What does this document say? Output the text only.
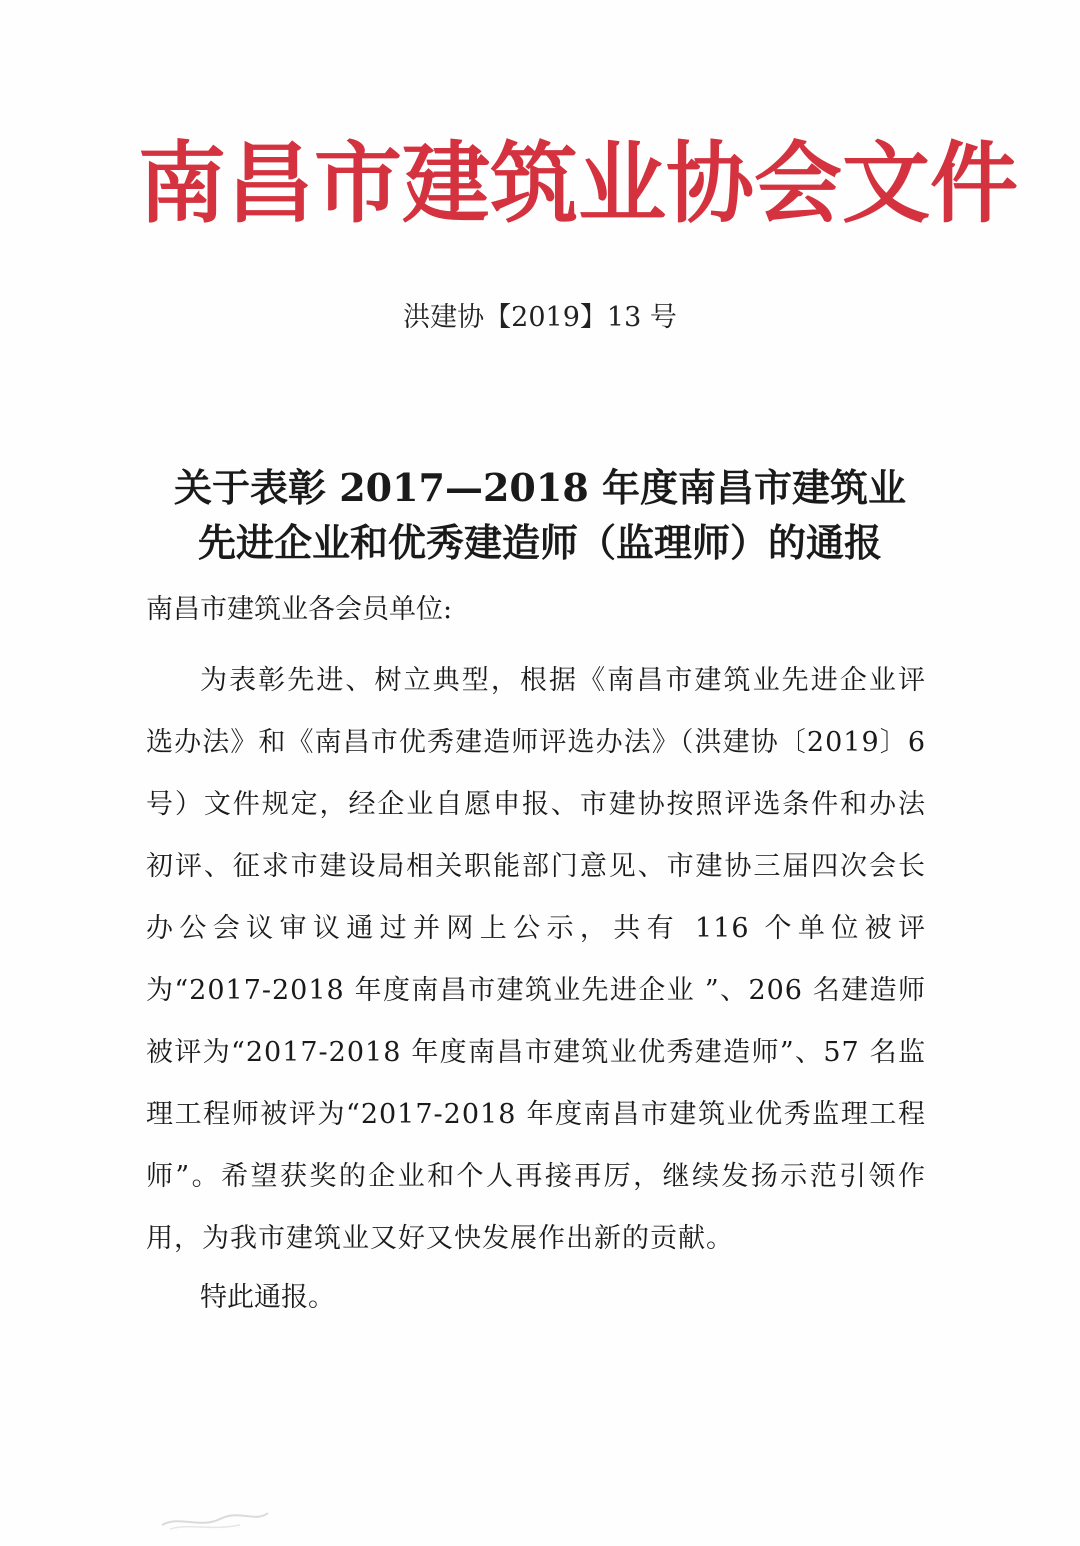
南昌市建筑业协会文件
洪建协【2019】13 号
关于表彰 2017—2018 年度南昌市建筑业
先进企业和优秀建造师（监理师）的通报
南昌市建筑业各会员单位:
为表彰先进、树立典型，根据《南昌市建筑业先进企业评选办法》和《南昌市优秀建造师评选办法》（洪建协〔2019〕6 号）文件规定，经企业自愿申报、市建协按照评选条件和办法初评、征求市建设局相关职能部门意见、市建协三届四次会长办公会议审议通过并网上公示，共有 116 个单位被评为“2017-2018 年度南昌市建筑业先进企业 ”、206 名建造师被评为“2017-2018 年度南昌市建筑业优秀建造师”、57 名监理工程师被评为“2017-2018 年度南昌市建筑业优秀监理工程师”。希望获奖的企业和个人再接再厉，继续发扬示范引领作用，为我市建筑业又好又快发展作出新的贡献。
特此通报。
